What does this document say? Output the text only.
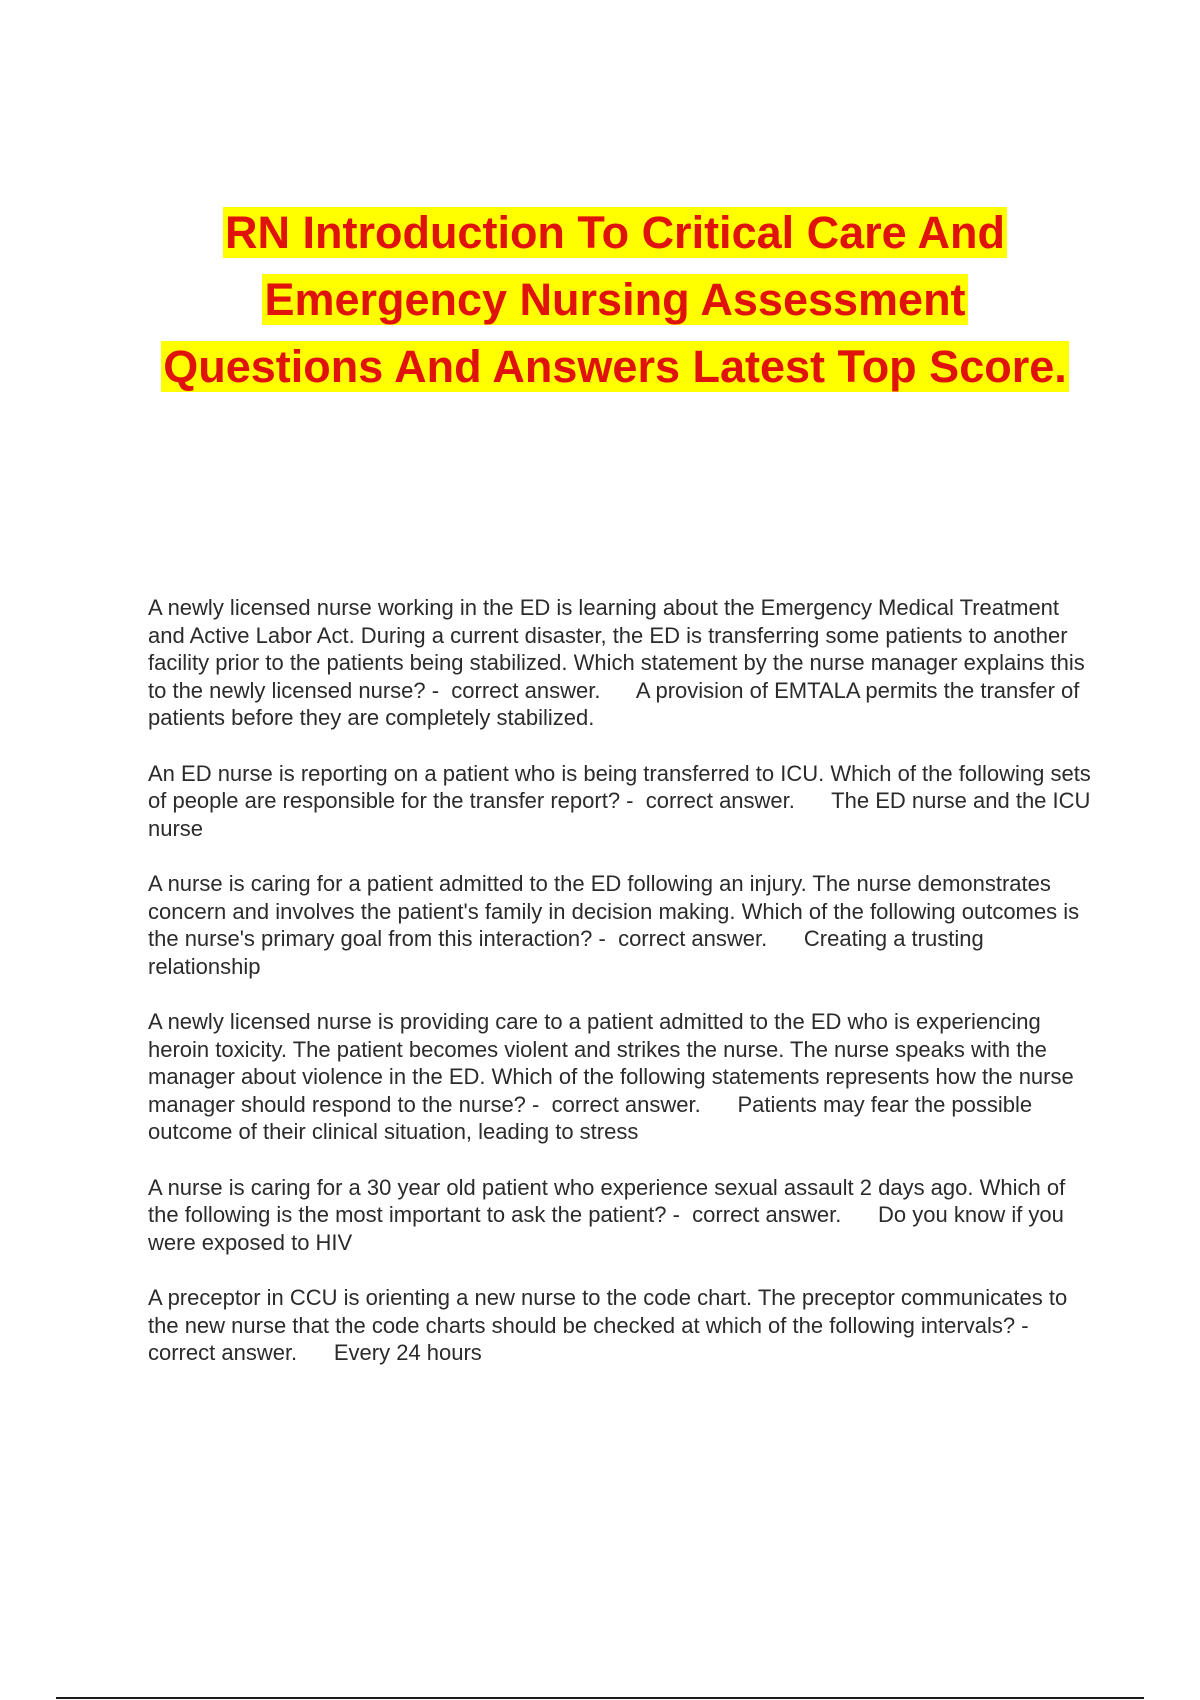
RN Introduction To Critical Care And Emergency Nursing Assessment Questions And Answers Latest Top Score.

A newly licensed nurse working in the ED is learning about the Emergency Medical Treatment and Active Labor Act. During a current disaster, the ED is transferring some patients to another facility prior to the patients being stabilized. Which statement by the nurse manager explains this to the newly licensed nurse? -  correct answer.      A provision of EMTALA permits the transfer of patients before they are completely stabilized.

An ED nurse is reporting on a patient who is being transferred to ICU. Which of the following sets of people are responsible for the transfer report? -  correct answer.      The ED nurse and the ICU nurse

A nurse is caring for a patient admitted to the ED following an injury. The nurse demonstrates concern and involves the patient's family in decision making. Which of the following outcomes is the nurse's primary goal from this interaction? -  correct answer.      Creating a trusting relationship

A newly licensed nurse is providing care to a patient admitted to the ED who is experiencing heroin toxicity. The patient becomes violent and strikes the nurse. The nurse speaks with the manager about violence in the ED. Which of the following statements represents how the nurse manager should respond to the nurse? -  correct answer.      Patients may fear the possible outcome of their clinical situation, leading to stress

A nurse is caring for a 30 year old patient who experience sexual assault 2 days ago. Which of the following is the most important to ask the patient? -  correct answer.      Do you know if you were exposed to HIV

A preceptor in CCU is orienting a new nurse to the code chart. The preceptor communicates to the new nurse that the code charts should be checked at which of the following intervals? -  correct answer.      Every 24 hours
